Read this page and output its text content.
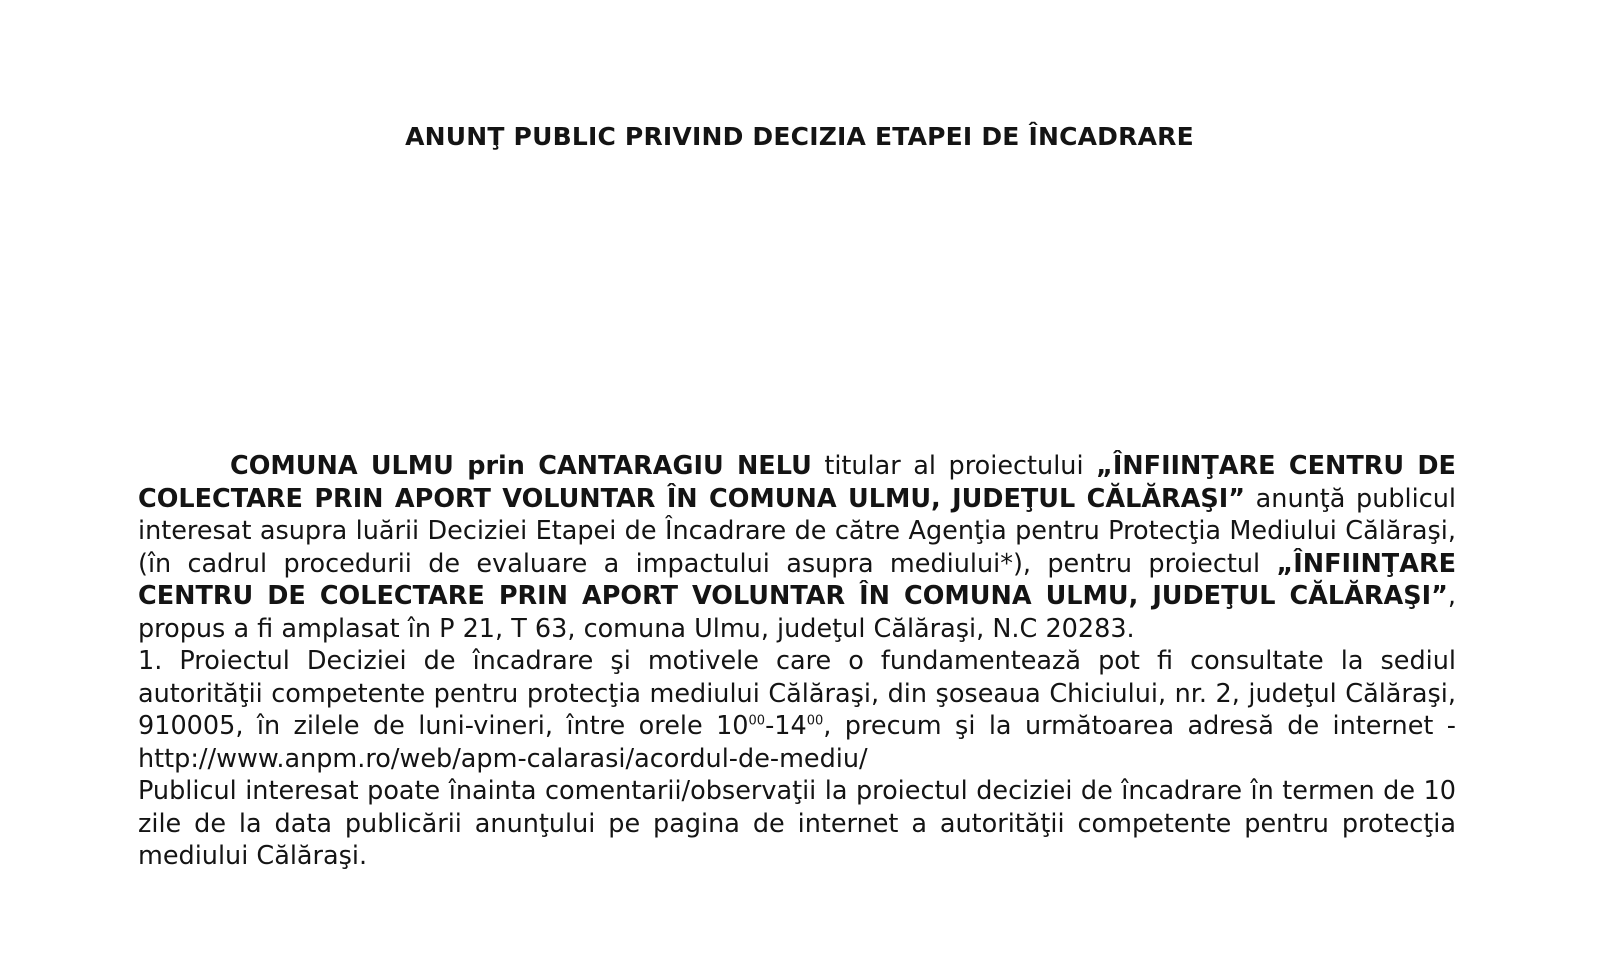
ANUNŢ PUBLIC PRIVIND DECIZIA ETAPEI DE ÎNCADRARE

COMUNA ULMU prin CANTARAGIU NELU titular al proiectului „ÎNFIINŢARE CENTRU DE COLECTARE PRIN APORT VOLUNTAR ÎN COMUNA ULMU, JUDEŢUL CĂLĂRAŞI” anunţă publicul interesat asupra luării Deciziei Etapei de Încadrare de către Agenţia pentru Protecţia Mediului Călăraşi, (în cadrul procedurii de evaluare a impactului asupra mediului*), pentru proiectul „ÎNFIINŢARE CENTRU DE COLECTARE PRIN APORT VOLUNTAR ÎN COMUNA ULMU, JUDEŢUL CĂLĂRAŞI”, propus a fi amplasat în P 21, T 63, comuna Ulmu, judeţul Călăraşi, N.C 20283.

1. Proiectul Deciziei de încadrare şi motivele care o fundamentează pot fi consultate la sediul autorităţii competente pentru protecţia mediului Călăraşi, din şoseaua Chiciului, nr. 2, judeţul Călăraşi, 910005, în zilele de luni-vineri, între orele $10^{00}-14^{00}$, precum şi la următoarea adresă de internet - http://www.anpm.ro/web/apm-calarasi/acordul-de-mediu/

Publicul interesat poate înainta comentarii/observaţii la proiectul deciziei de încadrare în termen de 10 zile de la data publicării anunţului pe pagina de internet a autorităţii competente pentru protecţia mediului Călăraşi.
